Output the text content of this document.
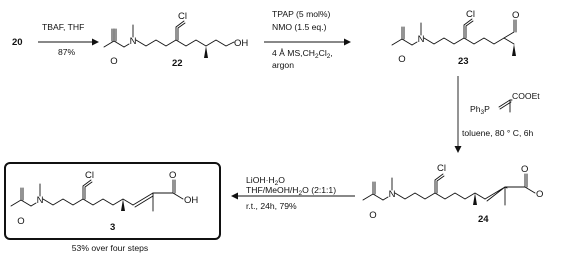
20
TBAF, THF
87%
O
N
Cl
OH
22
TPAP (5 mol%)
NMO (1.5 eq.)
4 Å $MS,CH_2Cl_2$,
argon	O
N
Cl	O
23
$Ph_3P$
COOEt
toluene, 80 ° C, 6h
O
N
Cl	O
O
24
$LiOH\cdot H_2O$
THF/$MeOH/H_2O$ (2:1:1)
r.t., 24h, 79%
O
N
Cl	O
OH
3
53% over four steps
